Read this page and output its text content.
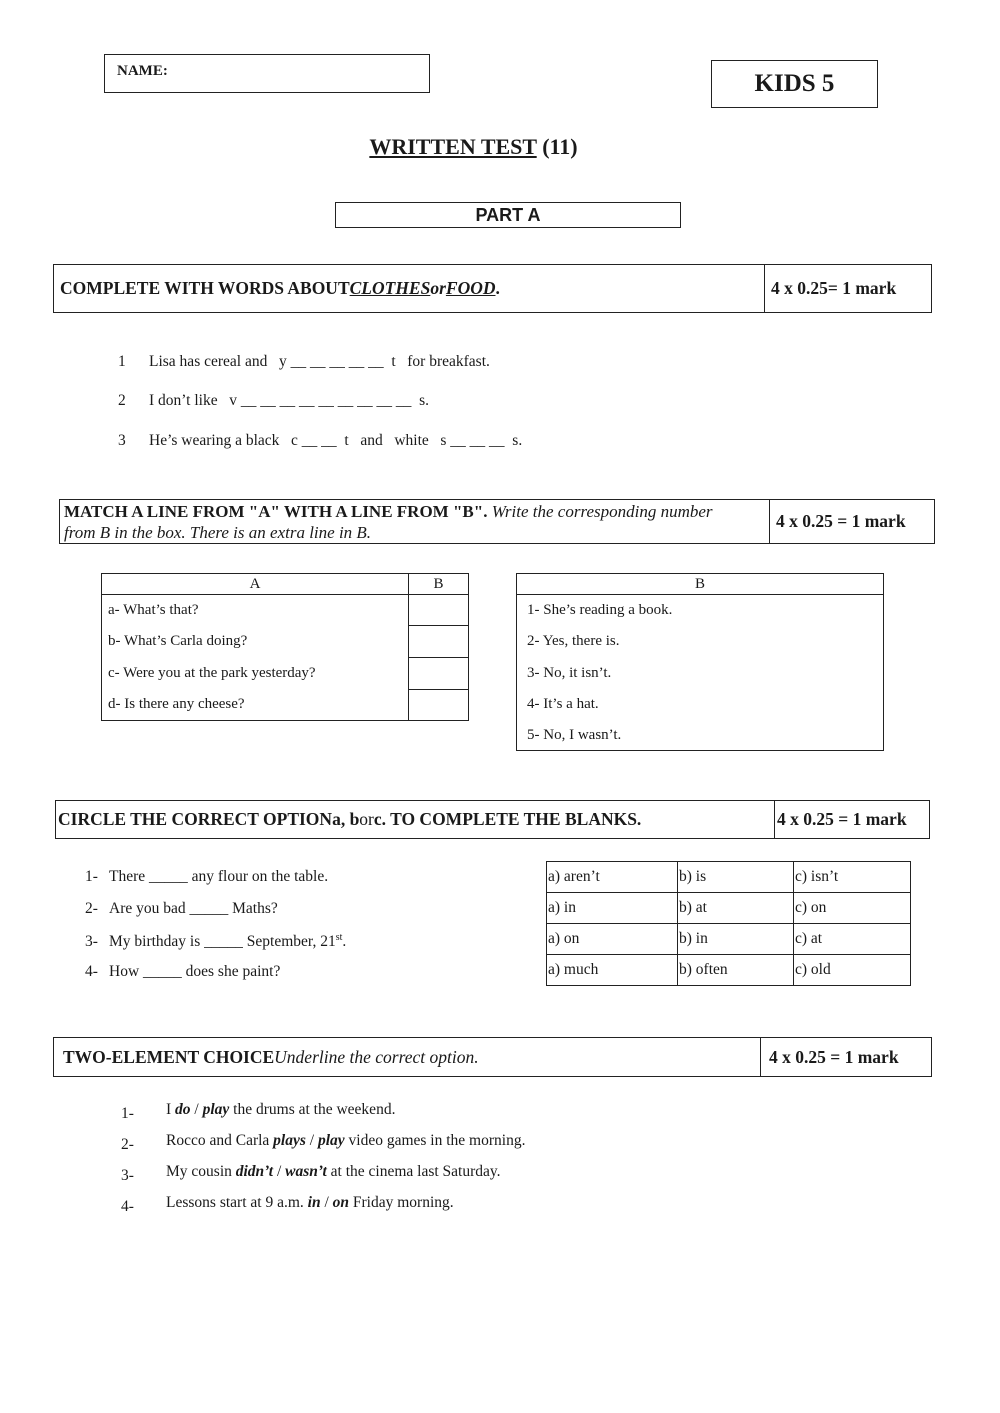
NAME:	KIDS 5
WRITTEN TEST (11)
PART A
COMPLETE WITH WORDS ABOUT CLOTHES or FOOD .	4 x 0.25= 1 mark
1 Lisa has cereal and   y __ __ __ __ __  t   for breakfast.
2 I don’t like   v __ __ __ __ __ __ __ __ __  s.
3 He’s wearing a black   c __ __  t   and   white   s __ __ __  s.
MATCH A LINE FROM "A" WITH A LINE FROM "B". Write the corresponding number
from B in the box. There is an extra line in B.
4 x 0.25 = 1 mark
A	B
a- What’s that?	
b- What’s Carla doing?	
c- Were you at the park yesterday?	
d- Is there any cheese?	
B
1- She’s reading a book.
2- Yes, there is.
3- No, it isn’t.
4- It’s a hat.
5- No, I wasn’t.
CIRCLE THE CORRECT OPTION a,
b or c . TO COMPLETE THE BLANKS.	4 x 0.25 = 1 mark
1- There _____ any flour on the table.
2- Are you bad _____ Maths?
3- My birthday is _____ September, 21st.
4- How _____ does she paint?
a) aren’t	b) is	c) isn’t
a) in	b) at	c) on
a) on	b) in	c) at
a) much	b) often	c) old
TWO-ELEMENT CHOICE Underline the correct option.	4 x 0.25 = 1 mark
1- I do / play the drums at the weekend.
2- Rocco and Carla plays / play video games in the morning.
3- My cousin didn’t / wasn’t at the cinema last Saturday.
4- Lessons start at 9 a.m. in / on Friday morning.
